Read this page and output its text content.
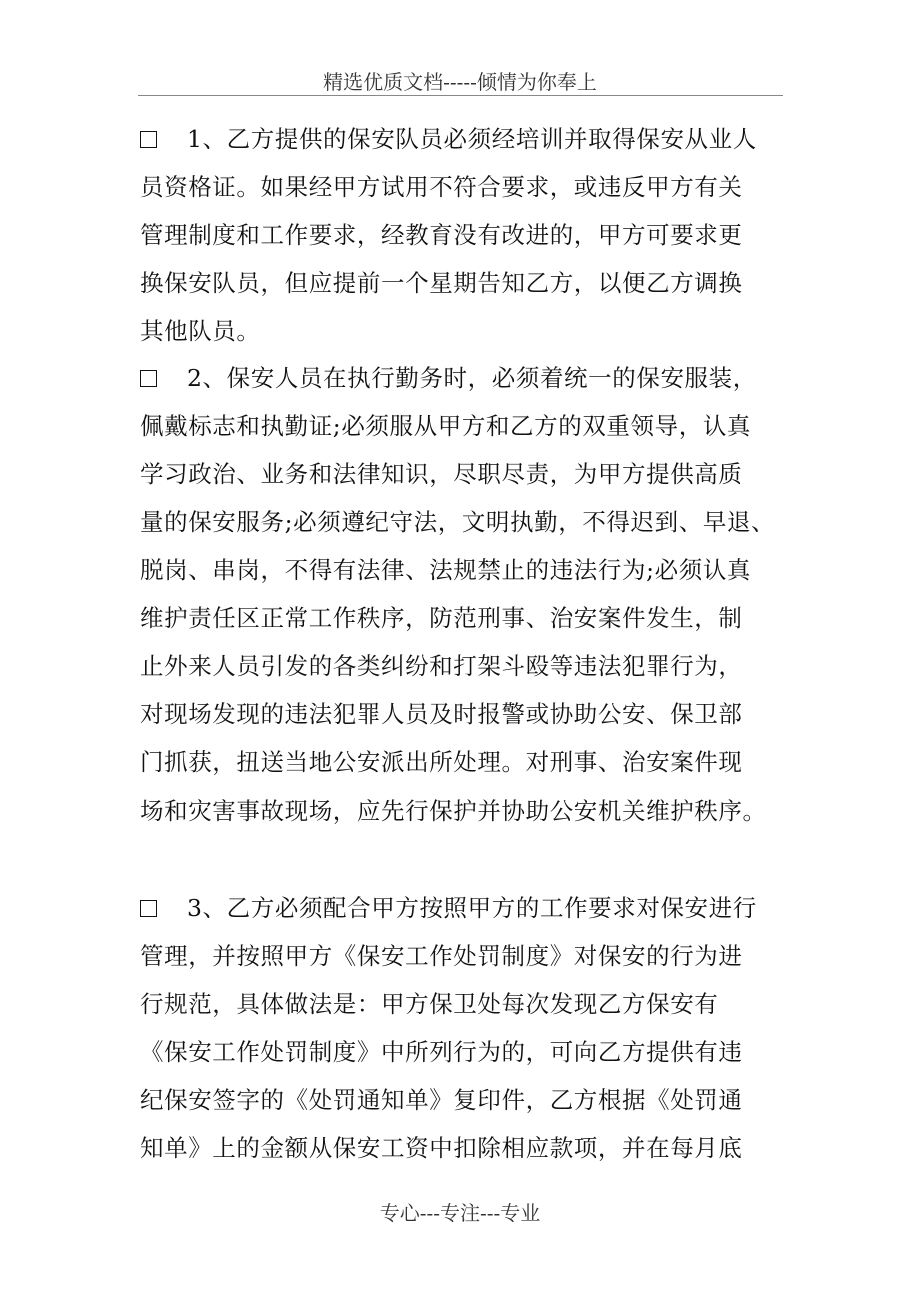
精选优质文档-----倾情为你奉上
1、乙方提供的保安队员必须经培训并取得保安从业人
员资格证。如果经甲方试用不符合要求，或违反甲方有关
管理制度和工作要求，经教育没有改进的，甲方可要求更
换保安队员，但应提前一个星期告知乙方，以便乙方调换
其他队员。
2、保安人员在执行勤务时，必须着统一的保安服装，
佩戴标志和执勤证;必须服从甲方和乙方的双重领导，认真
学习政治、业务和法律知识，尽职尽责，为甲方提供高质
量的保安服务;必须遵纪守法，文明执勤，不得迟到、早退、
脱岗、串岗，不得有法律、法规禁止的违法行为;必须认真
维护责任区正常工作秩序，防范刑事、治安案件发生，制
止外来人员引发的各类纠纷和打架斗殴等违法犯罪行为，
对现场发现的违法犯罪人员及时报警或协助公安、保卫部
门抓获，扭送当地公安派出所处理。对刑事、治安案件现
场和灾害事故现场，应先行保护并协助公安机关维护秩序。
3、乙方必须配合甲方按照甲方的工作要求对保安进行
管理，并按照甲方《保安工作处罚制度》对保安的行为进
行规范，具体做法是：甲方保卫处每次发现乙方保安有
《保安工作处罚制度》中所列行为的，可向乙方提供有违
纪保安签字的《处罚通知单》复印件，乙方根据《处罚通
知单》上的金额从保安工资中扣除相应款项，并在每月底
专心---专注---专业
